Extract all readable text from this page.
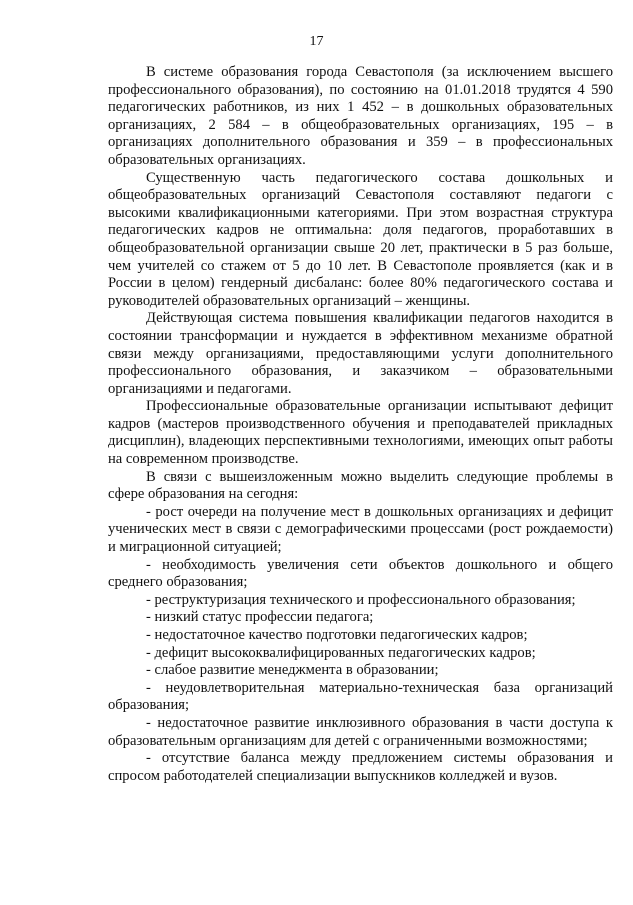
17

В системе образования города Севастополя (за исключением высшего профессионального образования), по состоянию на 01.01.2018 трудятся 4 590 педагогических работников, из них 1 452 – в дошкольных образовательных организациях, 2 584 – в общеобразовательных организациях, 195 – в организациях дополнительного образования и 359 – в профессиональных образовательных организациях.

Существенную часть педагогического состава дошкольных и общеобразовательных организаций Севастополя составляют педагоги с высокими квалификационными категориями. При этом возрастная структура педагогических кадров не оптимальна: доля педагогов, проработавших в общеобразовательной организации свыше 20 лет, практически в 5 раз больше, чем учителей со стажем от 5 до 10 лет. В Севастополе проявляется (как и в России в целом) гендерный дисбаланс: более 80% педагогического состава и руководителей образовательных организаций – женщины.

Действующая система повышения квалификации педагогов находится в состоянии трансформации и нуждается в эффективном механизме обратной связи между организациями, предоставляющими услуги дополнительного профессионального образования, и заказчиком – образовательными организациями и педагогами.

Профессиональные образовательные организации испытывают дефицит кадров (мастеров производственного обучения и преподавателей прикладных дисциплин), владеющих перспективными технологиями, имеющих опыт работы на современном производстве.

В связи с вышеизложенным можно выделить следующие проблемы в сфере образования на сегодня:

- рост очереди на получение мест в дошкольных организациях и дефицит ученических мест в связи с демографическими процессами (рост рождаемости) и миграционной ситуацией;

- необходимость увеличения сети объектов дошкольного и общего среднего образования;

- реструктуризация технического и профессионального образования;

- низкий статус профессии педагога;

- недостаточное качество подготовки педагогических кадров;

- дефицит высококвалифицированных педагогических кадров;

- слабое развитие менеджмента в образовании;

- неудовлетворительная материально-техническая база организаций образования;

- недостаточное развитие инклюзивного образования в части доступа к образовательным организациям для детей с ограниченными возможностями;

- отсутствие баланса между предложением системы образования и спросом работодателей специализации выпускников колледжей и вузов.
